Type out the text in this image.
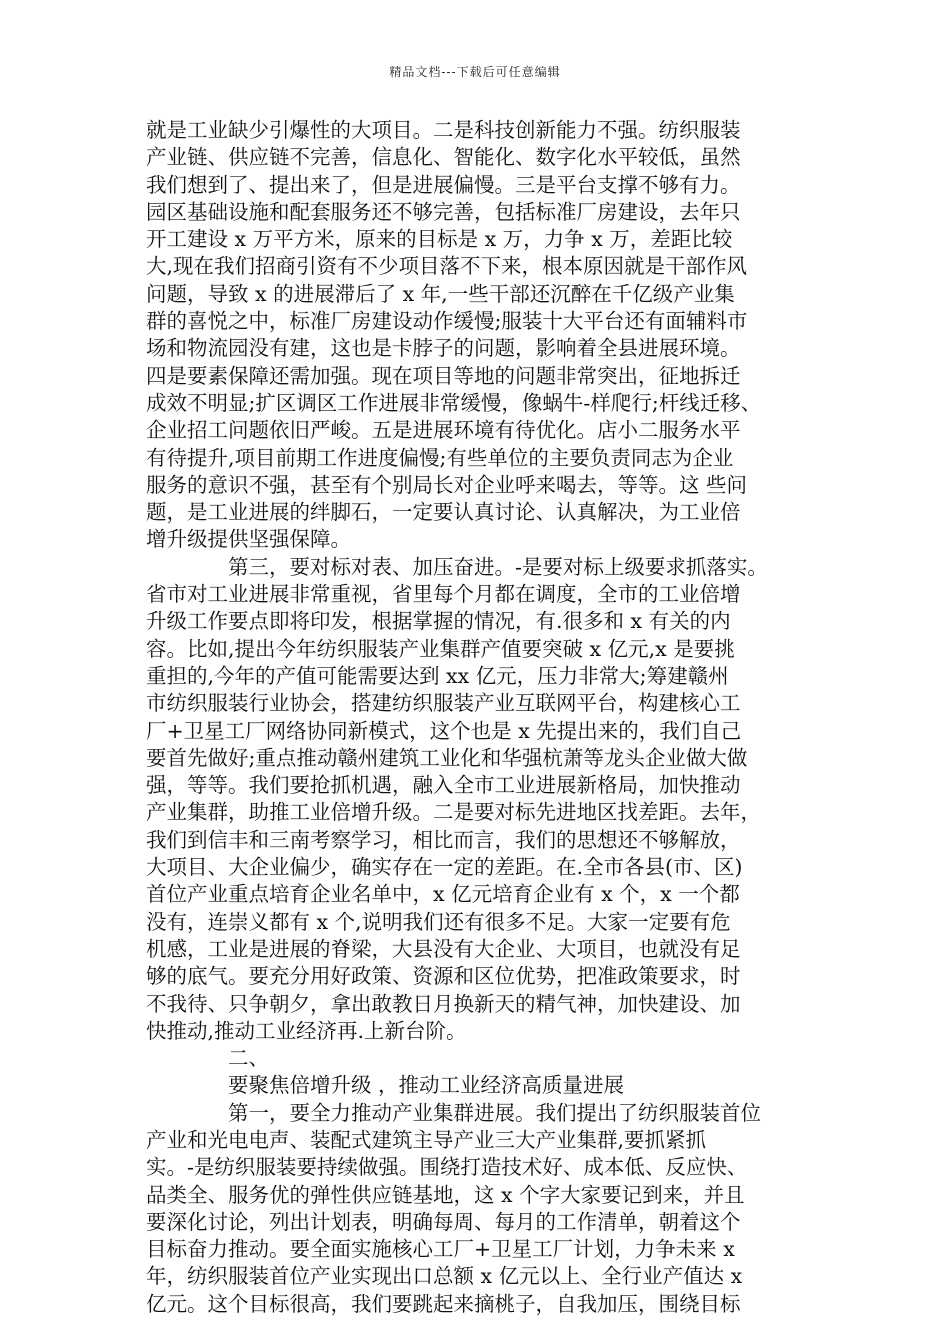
精品文档---下载后可任意编辑
就是工业缺少引爆性的大项目。二是科技创新能力不强。纺织服装
产业链、供应链不完善，信息化、智能化、数字化水平较低，虽然
我们想到了、提出来了，但是进展偏慢。三是平台支撑不够有力。
园区基础设施和配套服务还不够完善，包括标准厂房建设，去年只
开工建设 x 万平方米，原来的目标是 x 万，力争 x 万，差距比较
大,现在我们招商引资有不少项目落不下来，根本原因就是干部作风
问题，导致 x 的进展滞后了 x 年,一些干部还沉醉在千亿级产业集
群的喜悦之中，标准厂房建设动作缓慢;服装十大平台还有面辅料市
场和物流园没有建，这也是卡脖子的问题，影响着全县进展环境。
四是要素保障还需加强。现在项目等地的问题非常突出，征地拆迁
成效不明显;扩区调区工作进展非常缓慢，像蜗牛-样爬行;杆线迁移、
企业招工问题依旧严峻。五是进展环境有待优化。店小二服务水平
有待提升,项目前期工作进度偏慢;有些单位的主要负责同志为企业
服务的意识不强，甚至有个别局长对企业呼来喝去，等等。这 些问
题，是工业进展的绊脚石，一定要认真讨论、认真解决，为工业倍
增升级提供坚强保障。
第三，要对标对表、加压奋进。-是要对标上级要求抓落实。
省市对工业进展非常重视，省里每个月都在调度，全市的工业倍增
升级工作要点即将印发，根据掌握的情况，有.很多和 x 有关的内
容。比如,提出今年纺织服装产业集群产值要突破 x 亿元,x 是要挑
重担的,今年的产值可能需要达到 xx 亿元，压力非常大;筹建赣州
市纺织服装行业协会，搭建纺织服装产业互联网平台，构建核心工
厂+卫星工厂网络协同新模式，这个也是 x 先提出来的，我们自己
要首先做好;重点推动赣州建筑工业化和华强杭萧等龙头企业做大做
强，等等。我们要抢抓机遇，融入全市工业进展新格局，加快推动
产业集群，助推工业倍增升级。二是要对标先进地区找差距。去年，
我们到信丰和三南考察学习，相比而言，我们的思想还不够解放，
大项目、大企业偏少，确实存在一定的差距。在.全市各县(市、区)
首位产业重点培育企业名单中，x 亿元培育企业有 x 个，x 一个都
没有，连崇义都有 x 个,说明我们还有很多不足。大家一定要有危
机感，工业是进展的脊梁，大县没有大企业、大项目，也就没有足
够的底气。要充分用好政策、资源和区位优势，把准政策要求，时
不我待、只争朝夕，拿出敢教日月换新天的精气神，加快建设、加
快推动,推动工业经济再.上新台阶。
二、
要聚焦倍增升级 ，推动工业经济高质量进展
第一，要全力推动产业集群进展。我们提出了纺织服装首位
产业和光电电声、装配式建筑主导产业三大产业集群,要抓紧抓
实。-是纺织服装要持续做强。围绕打造技术好、成本低、反应快、
品类全、服务优的弹性供应链基地，这 x 个字大家要记到来，并且
要深化讨论，列出计划表，明确每周、每月的工作清单，朝着这个
目标奋力推动。要全面实施核心工厂+卫星工厂计划，力争未来 x
年，纺织服装首位产业实现出口总额 x 亿元以上、全行业产值达 x
亿元。这个目标很高，我们要跳起来摘桃子，自我加压，围绕目标
